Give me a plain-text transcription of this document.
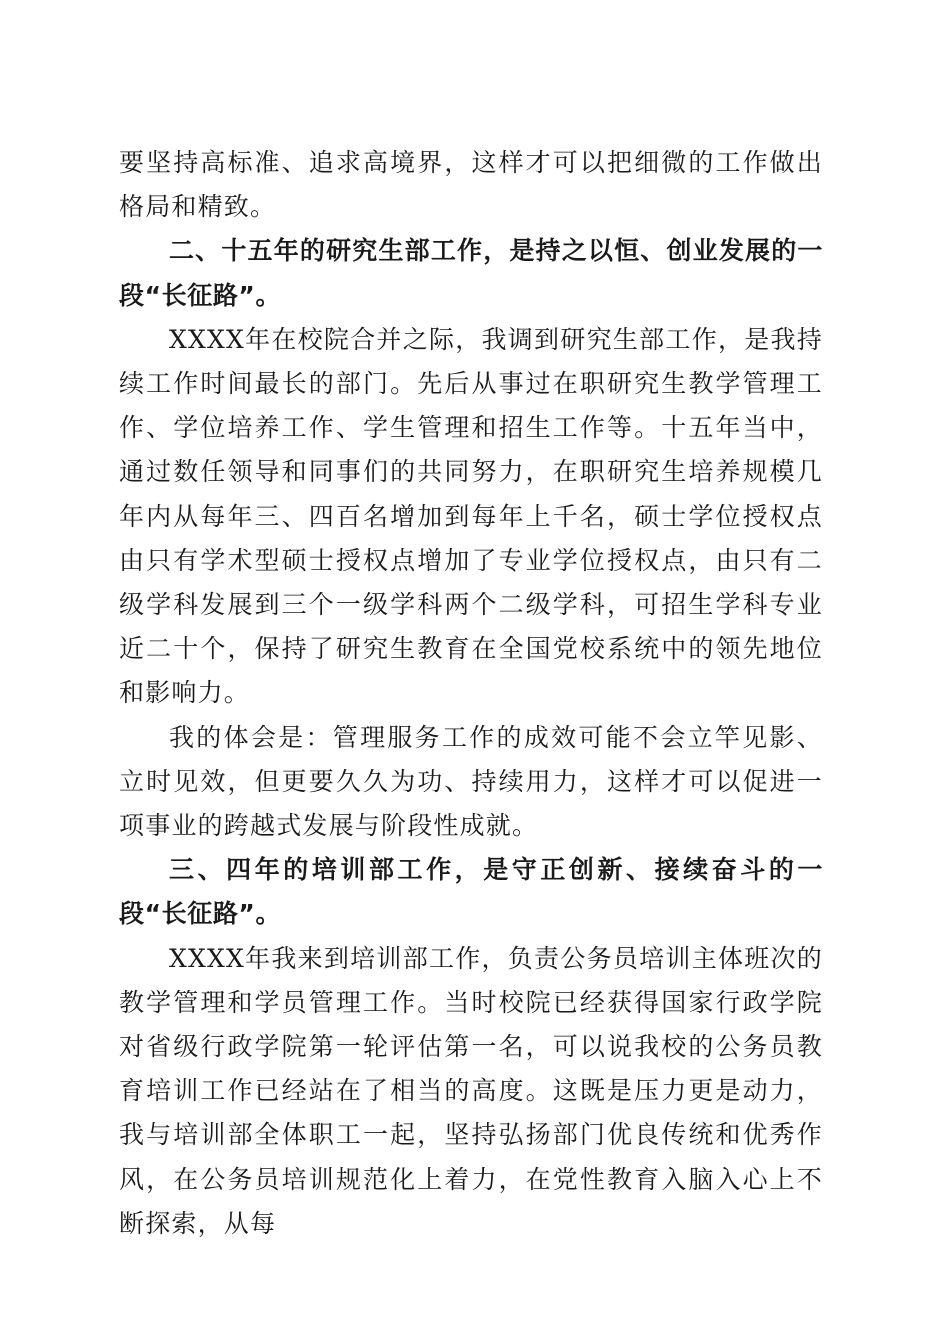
要坚持高标准、追求高境界，这样才可以把细微的工作做出格局和精致。

二、十五年的研究生部工作，是持之以恒、创业发展的一段“长征路”。

XXXX年在校院合并之际，我调到研究生部工作，是我持续工作时间最长的部门。先后从事过在职研究生教学管理工作、学位培养工作、学生管理和招生工作等。十五年当中，通过数任领导和同事们的共同努力，在职研究生培养规模几年内从每年三、四百名增加到每年上千名，硕士学位授权点由只有学术型硕士授权点增加了专业学位授权点，由只有二级学科发展到三个一级学科两个二级学科，可招生学科专业近二十个，保持了研究生教育在全国党校系统中的领先地位和影响力。

我的体会是：管理服务工作的成效可能不会立竿见影、立时见效，但更要久久为功、持续用力，这样才可以促进一项事业的跨越式发展与阶段性成就。

三、四年的培训部工作，是守正创新、接续奋斗的一段“长征路”。

XXXX年我来到培训部工作，负责公务员培训主体班次的教学管理和学员管理工作。当时校院已经获得国家行政学院对省级行政学院第一轮评估第一名，可以说我校的公务员教育培训工作已经站在了相当的高度。这既是压力更是动力，我与培训部全体职工一起，坚持弘扬部门优良传统和优秀作风，在公务员培训规范化上着力，在党性教育入脑入心上不断探索，从每
